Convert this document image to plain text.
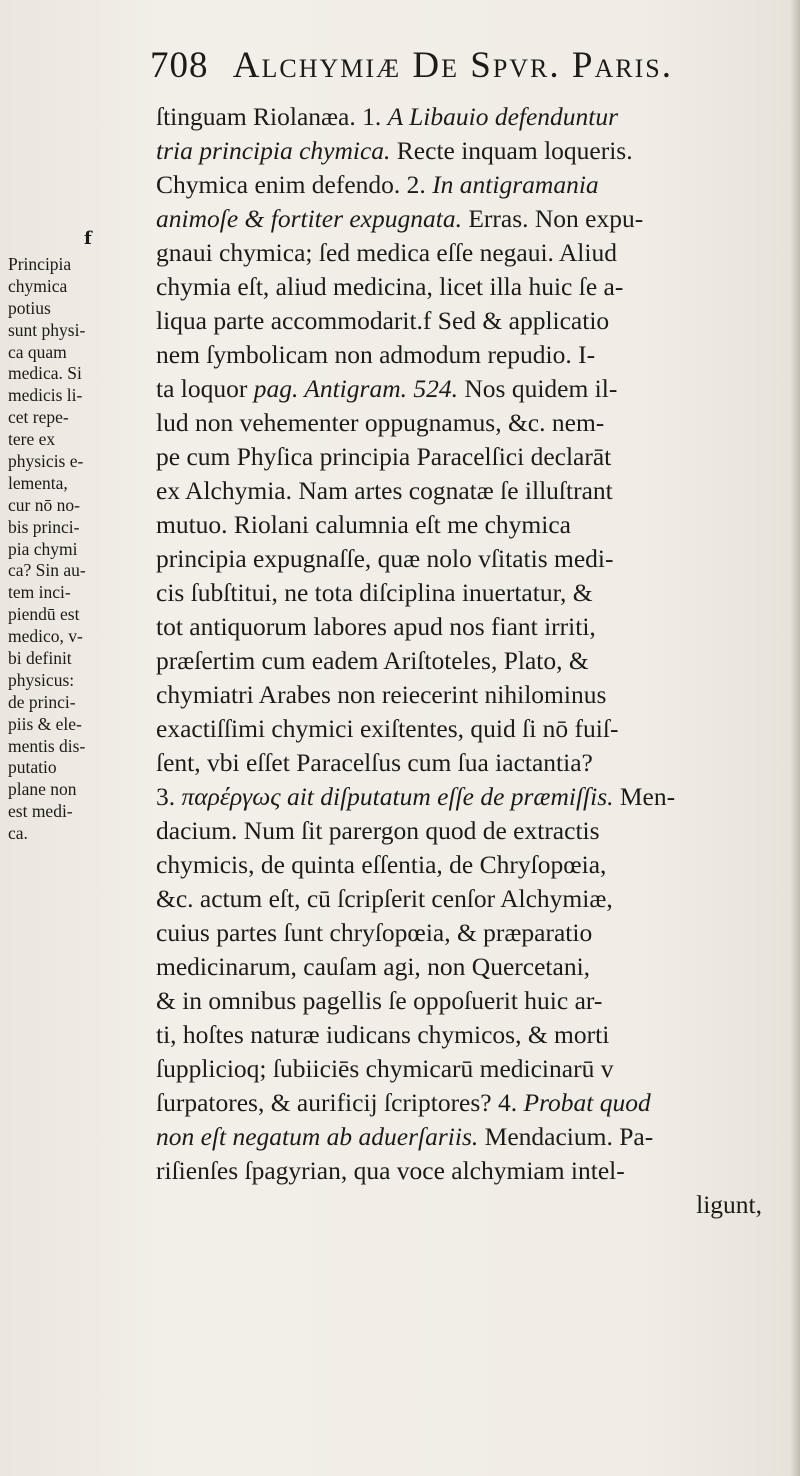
708 Alchymiæ De Spvr. Paris.
f
Principia
chymica
potius
sunt physi-
ca quam
medica. Si
medicis li-
cet repe-
tere ex
physicis e-
lementa,
cur nō no-
bis princi-
pia chymi
ca? Sin au-
tem inci-
piendū est
medico, v-
bi definit
physicus:
de princi-
piis & ele-
mentis dis-
putatio
plane non
est medi-
ca.
ſtinguam Riolanæa. 1. A Libauio defenduntur
tria principia chymica. Recte inquam loqueris.
Chymica enim defendo. 2. In antigramania
animoſe & fortiter expugnata. Erras. Non expu-
gnaui chymica; ſed medica eſſe negaui. Aliud
chymia eſt, aliud medicina, licet illa huic ſe a-
liqua parte accommodarit.f Sed & applicatio
nem ſymbolicam non admodum repudio. I-
ta loquor pag. Antigram. 524. Nos quidem il-
lud non vehementer oppugnamus, &c. nem-
pe cum Phyſica principia Paracelſici declarāt
ex Alchymia. Nam artes cognatæ ſe illuſtrant
mutuo. Riolani calumnia eſt me chymica
principia expugnaſſe, quæ nolo vſitatis medi-
cis ſubſtitui, ne tota diſciplina inuertatur, &
tot antiquorum labores apud nos fiant irriti,
præſertim cum eadem Ariſtoteles, Plato, &
chymiatri Arabes non reiecerint nihilominus
exactiſſimi chymici exiſtentes, quid ſi nō fuiſ-
ſent, vbi eſſet Paracelſus cum ſua iactantia?
3. παρέργως ait diſputatum eſſe de præmiſſis. Men-
dacium. Num ſit parergon quod de extractis
chymicis, de quinta eſſentia, de Chryſopœia,
&c. actum eſt, cū ſcripſerit cenſor Alchymiæ,
cuius partes ſunt chryſopœia, & præparatio
medicinarum, cauſam agi, non Quercetani,
& in omnibus pagellis ſe oppoſuerit huic ar-
ti, hoſtes naturæ iudicans chymicos, & morti
ſupplicioq; ſubiiciēs chymicarū medicinarū v
ſurpatores, & aurificij ſcriptores? 4. Probat quod
non eſt negatum ab aduerſariis. Mendacium. Pa-
riſienſes ſpagyrian, qua voce alchymiam intel-
ligunt,
